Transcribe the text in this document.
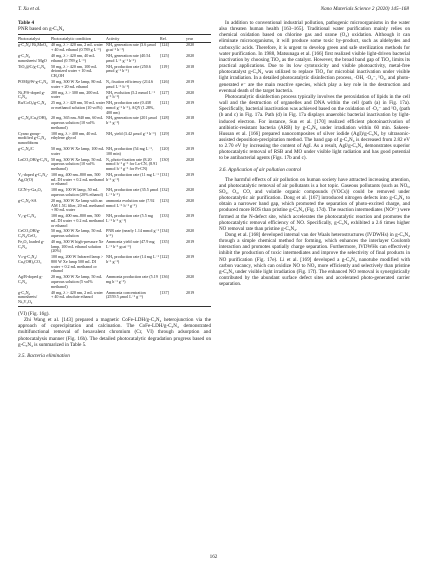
T. Xu et al.	Nano Materials Science 2 (2020) 145–168
Table 4
PNR based on g-C₃N₄
Photocatalyst	Photocatalytic condition	Activity	Ref.	year
g-C₃N₄/ Bi₂MoO₆	40 mg, λ > 420 nm, 2 mL water + 40 mL ethanol (0.789 g L⁻¹)	NH₃ generation rate (3.6 μmol gcat⁻¹ h⁻¹)	[124]	2020
g-C₃N₄ nanosheets/ MgO	40 mg, λ > 420 nm, 40 mL ethanol (0.789 g L⁻¹)	NH₃ generation rate (40.54 μmol L⁻¹ g⁻¹ h⁻¹)	[125]	2020
TiO₂@C/g-C₃N₄	50 mg, λ > 420 nm, 100 mL deionized water + 10 mL CH₃OH	NH₃ production rate (250.6 μmol g⁻¹ h⁻¹)	[119]	2018
POM@W-g-C₃N₄	30 mg, 300 W Xe lamp, 80 mL water + 20 mL ethanol	N₂ fixation efficiency (214.6 μmol L⁻¹ h⁻¹)	[126]	2019
Ni₂P/S-doped g-C₃N₄	200 mg, λ > 300 nm, 200 mL water	NH₃ evolution (5.2 mmol L⁻¹ g⁻¹ h⁻¹)	[127]	2020
Ru/CoOₓ/g-C₃N₄	25 mg, λ > 420 nm, 50 mL water or methanol solution (10 vol%)	NH₃ production rate (0.438 mmol g⁻¹ h⁻¹), AQY (1.28%, 400 nm)	[121]	2019
g-C₃N₄/Cu₂(OH)₂	20 mg, 365 nm–940 nm, 60 mL aqueous solution (10 vol% methanol)	NH₃ generation rate (201 μmol h⁻¹ g⁻¹)	[128]	2018
Cyano group-modified g-C₃N₄ nanoribbons	100 mg, λ > 400 nm, 40 mL ethylene glycol	NH₃ yield (3.42 μmol g⁻¹ h⁻¹)	[129]	2019
g-C₃N₄/C	50 mg, 300 W Xe lamp, 100 mL water	NH₃ production (54 mg L⁻¹, 100 min)	[120]	2019
LnCO₃OH/g-C₃N₄	50 mg, 300 W Xe lamp, 50 mL aqueous solution (10 vol% methanol)	N₂ photo-fixation rate (8.20 mmol h⁻¹ g⁻¹ for La-CN, (8.91 mmol h⁻¹ g⁻¹ for Pr-CN)	[130]	2020
V₂-doped g-C₃N₄-Ag₂O(O)	100 mg, 400 nm–800 nm, 500 mL DI water + 0.2 mL methanol or ethanol	NH₃ production rate (11 mg L⁻¹ h⁻¹ g⁻¹)	[131]	2019
GCN-y-Ga₂O₃	100 mg, 100 W lamp, 50 mL aqueous solution (20% ethanol)	NH₃ production rate (35.5 μmol L⁻¹ h⁻¹)	[132]	2020
g-C₃N₄-SA	20 mg, 300 W Xe lamp with an AM 1.5G filter, 20 mL methanol + 80 mL water	ammonia evolution rate (7.92 mmol L⁻¹ h⁻¹ g⁻¹)	[123]	2020
V₂-g-C₃N₄	100 mg, 400 nm–800 nm, 500 mL DI water + 0.2 mL methanol or ethanol	NH₃ production rate (5.5 mg L⁻¹ h⁻¹ g⁻¹)	[133]	2019
CeCO₃OH/g-C₃N₄/CeO₂	50 mg, 300 W Xe lamp, 50 mL aqueous solution	PNR rate (nearly 1.14 mmol g⁻¹ h⁻¹)	[134]	2020
Fe₂O₃ loaded g-C₃N₄	40 mg, 300 W high-pressure Xe lamp, 100 mL ethanol solution (20%)	Ammonia yield rate (47.9 mg L⁻¹ h⁻¹ gcat⁻¹)	[135]	2019
Vₙ-g-C₃N₄/ Cu₂(OH)₂CO₃	100 mg, 200 W Infrared lamp > 800 W Xe lamp 500 mL DI water + 0.2 mL methanol or ethanol	NH₃ production rate (14 mg L⁻¹ h⁻¹ g⁻¹)	[122]	2019
Ag/B-doped g-C₃N₄	20 mg, 300 W Xe lamp, 50 mL aqueous solution (5 vol% methanol)	Ammonia production rate (5.19 mg h⁻¹ g⁻¹)	[136]	2020
g-C₃N₄ nanosheets/ Ni₃V₂O₈	40 mg, λ > 420 nm, 2 mL water + 40 mL absolute ethanol	Ammonia concentration (2559.5 μmol L⁻¹ g⁻¹)	[137]	2019

(VI) (Fig. 16g).

Zhi Wang et al. [143] prepared a magnetic CoFe-LDH/g-C₃N₄ heterojunction via the approach of coprecipitation and calcination. The CoFe-LDH/g-C₃N₄ demonstrated multifunctional removal of hexavalent chromium (Cr, VI) through adsorption and photocatalysis manner (Fig. 16h). The detailed photocatalytic degradation progress based on g-C₃N₄ is summarized in Table 5.

3.5. Bacteria elimination

In addition to conventional industrial pollution, pathogenic microorganisms in the water also threaten human health [163–165]. Traditional water purification mainly relies on chemical oxidation based on chlorine gas and ozone (O₃) oxidation. Although it can eliminate microorganisms, it will produce some toxic by-product, such as aldehydes and carboxylic acids. Therefore, it is urgent to develop green and safe sterilization methods for water purification. In 1988, Matsunaga et al. [166] first realized visible light-driven bacterial inactivation by choosing TiO₂ as the catalyst. However, the broad band gap of TiO₂ limits its practical applications. Due to its low cytotoxicity and visible photoactivity, metal-free photocatalyst g-C₃N₄ was utilized to replace TiO₂ for microbial inactivation under visible light irradiation. In a detailed photocatalytic disinfection process, ·OH, ·O₂⁻, ¹O₂, and photo-generated e⁻ are the main reactive species, which play a key role in the destruction and eventual death of the target bacteria.

Photocatalytic disinfection process typically involves the peroxidation of lipids in the cell wall and the destruction of organelles and DNA within the cell (path (a) in Fig. 17a). Specifically, bacterial inactivation was achieved based on the oxidation of ·O₂⁻ and ¹O₂ (path (b and c) in Fig. 17a. Path (d) in Fig. 17a displays anaerobic bacterial inactivation by light-induced electron. For instance, Sun et al. [170] realized efficient photoinactivation of antibiotic-resistant bacteria (ARB) by g-C₃N₄ under irradiation within 60 min. Sakeen-Hussan et al. [166] prepared nanocomposites of silver iodide (AgI)/g-C₃N₄ by ultrasonic-assisted deposition-precipitation method. The band gap of g-C₃N₄ is decreased from 2.82 eV to 2.70 eV by increasing the content of AgI. As a result, AgI/g-C₃N₄ demonstrates superior photocatalytic removal of RSB and MO under visible light radiation and has good potential to be antibacterial agents (Figs. 17b and c).

3.6. Application of air pollution control

The harmful effects of air pollution on human society have attracted increasing attention, and photocatalytic removal of air pollutants is a hot topic. Gaseous pollutants (such as NOₓ, SO₂, O₃, CO, and volatile organic compounds (VOCs)) could be removed under photocatalytic air purification. Dong et al. [167] introduced nitrogen defects into g-C₃N₄ to obtain a narrower band gap, which promoted the separation of photo-excited charge, and produced more ROS than pristine g-C₃N₄ (Fig. 17d). The reaction intermediates (NO²⁻) were formed at the N-defect site, which accelerates the photocatalytic reaction and promotes the photocatalytic removal efficiency of NO. Specifically, g-C₃N₄ exhibited a 2.6 times higher NO removal rate than pristine g-C₃N₄.

Dong et al. [168] developed internal van der Waals heterostructures (IVDWHs) in g-C₃N₄ through a simple chemical method for forming, which enhances the interlayer Coulomb interaction and promotes spatially charge separation. Furthermore, IVDWHs can effectively inhibit the production of toxic intermediates and improve the selectivity of final products in NO purification (Fig. 17e). Li et al. [169] developed a g-C₃N₄ nanotube modified with carbon vacancy, which can oxidize NO to NO₃ more efficiently and selectively than pristine g-C₃N₄ under visible light irradiation (Fig. 17f). The enhanced NO removal is synergistically contributed by the abundant surface defect sites and accelerated photo-generated carrier separation.

162
